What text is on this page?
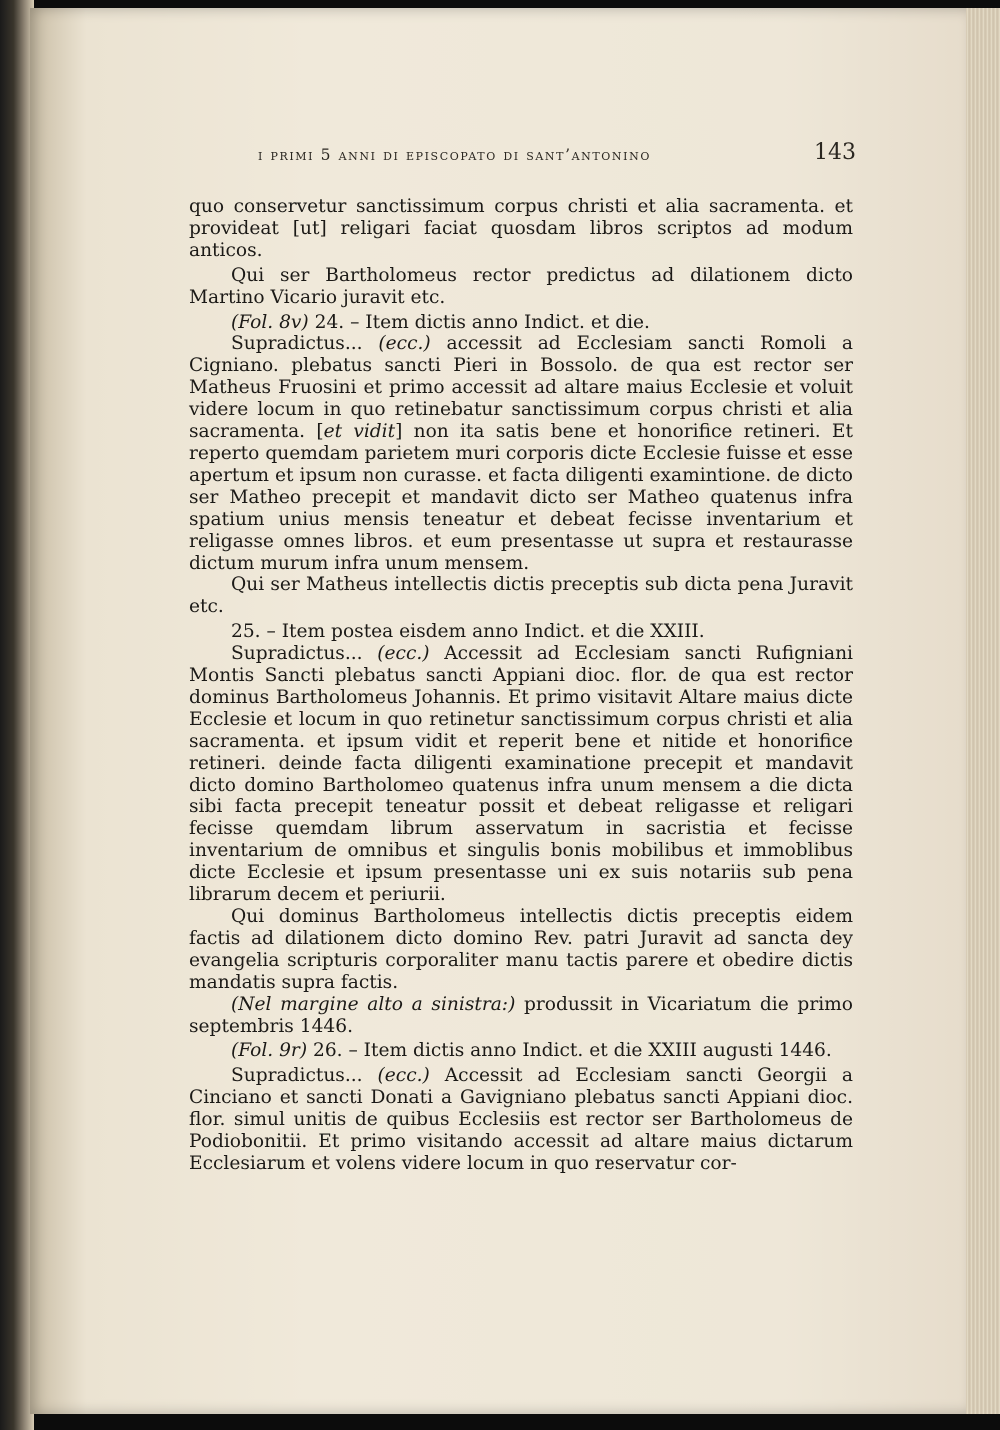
i primi 5 anni di episcopato di sant’antonino	143

quo conservetur sanctissimum corpus christi et alia sacramenta. et provideat [ut] religari faciat quosdam libros scriptos ad modum anticos.

Qui ser Bartholomeus rector predictus ad dilationem dicto Martino Vicario juravit etc.

(Fol. 8v) 24. – Item dictis anno Indict. et die.

Supradictus... (ecc.) accessit ad Ecclesiam sancti Romoli a Cigniano. plebatus sancti Pieri in Bossolo. de qua est rector ser Matheus Fruosini et primo accessit ad altare maius Ecclesie et voluit videre locum in quo retinebatur sanctissimum corpus christi et alia sacramenta. [et vidit] non ita satis bene et honorifice retineri. Et reperto quemdam parietem muri corporis dicte Ecclesie fuisse et esse apertum et ipsum non curasse. et facta diligenti examintione. de dicto ser Matheo precepit et mandavit dicto ser Matheo quatenus infra spatium unius mensis teneatur et debeat fecisse inventarium et religasse omnes libros. et eum presentasse ut supra et restaurasse dictum murum infra unum mensem.

Qui ser Matheus intellectis dictis preceptis sub dicta pena Juravit etc.

25. – Item postea eisdem anno Indict. et die XXIII.

Supradictus... (ecc.) Accessit ad Ecclesiam sancti Rufigniani Montis Sancti plebatus sancti Appiani dioc. flor. de qua est rector dominus Bartholomeus Johannis. Et primo visitavit Altare maius dicte Ecclesie et locum in quo retinetur sanctissimum corpus christi et alia sacramenta. et ipsum vidit et reperit bene et nitide et honorifice retineri. deinde facta diligenti examinatione precepit et mandavit dicto domino Bartholomeo quatenus infra unum mensem a die dicta sibi facta precepit teneatur possit et debeat religasse et religari fecisse quemdam librum asservatum in sacristia et fecisse inventarium de omnibus et singulis bonis mobilibus et immoblibus dicte Ecclesie et ipsum presentasse uni ex suis notariis sub pena librarum decem et periurii.

Qui dominus Bartholomeus intellectis dictis preceptis eidem factis ad dilationem dicto domino Rev. patri Juravit ad sancta dey evangelia scripturis corporaliter manu tactis parere et obedire dictis mandatis supra factis.

(Nel margine alto a sinistra:) produssit in Vicariatum die primo septembris 1446.

(Fol. 9r) 26. – Item dictis anno Indict. et die XXIII augusti 1446.

Supradictus... (ecc.) Accessit ad Ecclesiam sancti Georgii a Cinciano et sancti Donati a Gavigniano plebatus sancti Appiani dioc. flor. simul unitis de quibus Ecclesiis est rector ser Bartholomeus de Podiobonitii. Et primo visitando accessit ad altare maius dictarum Ecclesiarum et volens videre locum in quo reservatur cor-
